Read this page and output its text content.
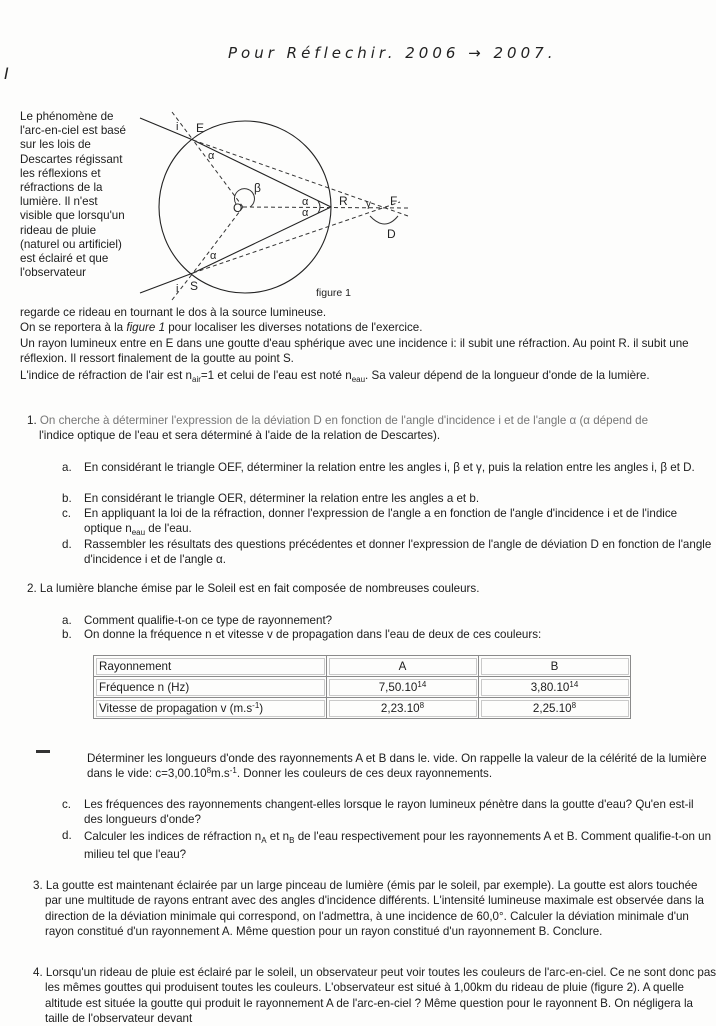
Pour Réflechir. 2006 → 2007.
I
Le phénomène de l'arc-en-ciel est basé sur les lois de Descartes régissant les réflexions et réfractions de la lumière. Il n'est visible que lorsqu'un rideau de pluie (naturel ou artificiel) est éclairé et que l'observateur
E
S
O	R	F
D
i
i
α
α
α
α
β
γ
figure 1

regarde ce rideau en tournant le dos à la source lumineuse.

On se reportera à la figure 1 pour localiser les diverses notations de l'exercice.

Un rayon lumineux entre en E dans une goutte d'eau sphérique avec une incidence i: il subit une réfraction. Au point R. il subit une réflexion. Il ressort finalement de la goutte au point S.

L'indice de réfraction de l'air est $n_{air}=1$ et celui de l'eau est noté $n_{eau}$. Sa valeur dépend de la longueur d'onde de la lumière.

1. On cherche à déterminer l'expression de la déviation D en fonction de l'angle d'incidence i et de l'angle α (α dépend de
l'indice optique de l'eau et sera déterminé à l'aide de la relation de Descartes).
a. En considérant le triangle OEF, déterminer la relation entre les angles i, β et γ, puis la relation entre les angles i, β et D.
b. En considérant le triangle OER, déterminer la relation entre les angles a et b.
c. En appliquant la loi de la réfraction, donner l'expression de l'angle a en fonction de l'angle d'incidence i et de l'indice optique $n_{eau}$ de l'eau.
d. Rassembler les résultats des questions précédentes et donner l'expression de l'angle de déviation D en fonction de l'angle d'incidence i et de l'angle α.
2. La lumière blanche émise par le Soleil est en fait composée de nombreuses couleurs.
a. Comment qualifie-t-on ce type de rayonnement?
b. On donne la fréquence n et vitesse v de propagation dans l'eau de deux de ces couleurs:
Rayonnement	A	B
Fréquence n (Hz)	7,50.10$^{14}$	3,80.10$^{14}$
Vitesse de propagation v $(m.s^{-1})$	2,23.10$^8$	2,25.10$^8$
Déterminer les longueurs d'onde des rayonnements A et B dans le. vide. On rappelle la valeur de la célérité de la lumière dans le vide: $c=3,00.10^8m.s^{-1}$. Donner les couleurs de ces deux rayonnements.
c. Les fréquences des rayonnements changent-elles lorsque le rayon lumineux pénètre dans la goutte d'eau? Qu'en est-il des longueurs d'onde?
d. Calculer les indices de réfraction $n_A$ et $n_B$ de l'eau respectivement pour les rayonnements A et B. Comment qualifie-t-on un milieu tel que l'eau?
3. La goutte est maintenant éclairée par un large pinceau de lumière (émis par le soleil, par exemple). La goutte est alors touchée par une multitude de rayons entrant avec des angles d'incidence différents. L'intensité lumineuse maximale est observée dans la direction de la déviation minimale qui correspond, on l'admettra, à une incidence de 60,0°. Calculer la déviation minimale d'un rayon constitué d'un rayonnement A. Même question pour un rayon constitué d'un rayonnement B. Conclure.
4. Lorsqu'un rideau de pluie est éclairé par le soleil, un observateur peut voir toutes les couleurs de l'arc-en-ciel. Ce ne sont donc pas les mêmes gouttes qui produisent toutes les couleurs. L'observateur est situé à 1,00km du rideau de pluie (figure 2). A quelle altitude est située la goutte qui produit le rayonnement A de l'arc-en-ciel ? Même question pour le rayonnent B. On négligera la taille de l'observateur devant
